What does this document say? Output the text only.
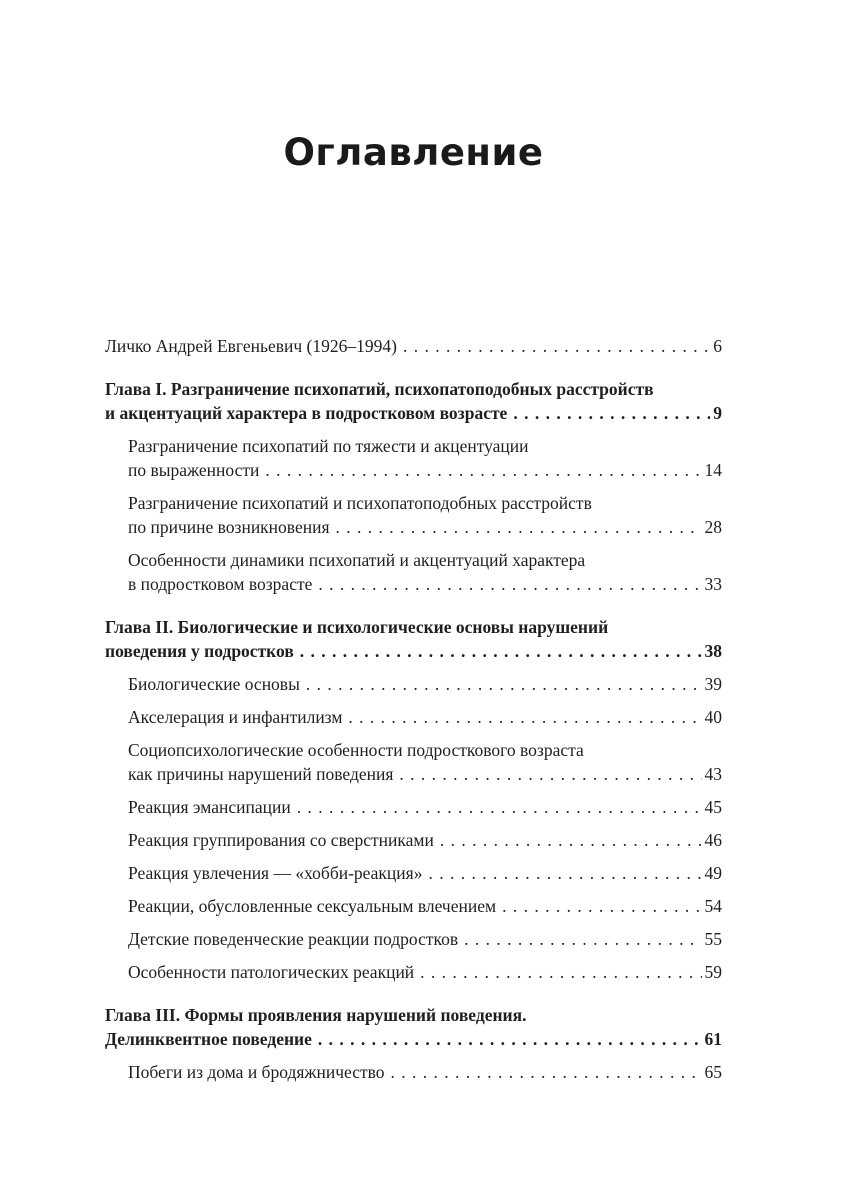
Оглавление
Личко Андрей Евгеньевич (1926–1994) . . .	6
Глава I. Разграничение психопатий, психопатоподобных расстройств
и акцентуаций характера в подростковом возрасте . . .	9
Разграничение психопатий по тяжести и акцентуации
по выраженности . . .	14
Разграничение психопатий и психопатоподобных расстройств
по причине возникновения . . .	28
Особенности динамики психопатий и акцентуаций характера
в подростковом возрасте . . .	33
Глава II. Биологические и психологические основы нарушений
поведения у подростков . . .	38
Биологические основы . . .	39
Акселерация и инфантилизм . . .	40
Социопсихологические особенности подросткового возраста
как причины нарушений поведения . . .	43
Реакция эмансипации . . .	45
Реакция группирования со сверстниками . . .	46
Реакция увлечения — «хобби-реакция» . . .	49
Реакции, обусловленные сексуальным влечением . . .	54
Детские поведенческие реакции подростков . . .	55
Особенности патологических реакций . . .	59
Глава III. Формы проявления нарушений поведения.
Делинквентное поведение . . .	61
Побеги из дома и бродяжничество . . .	65
